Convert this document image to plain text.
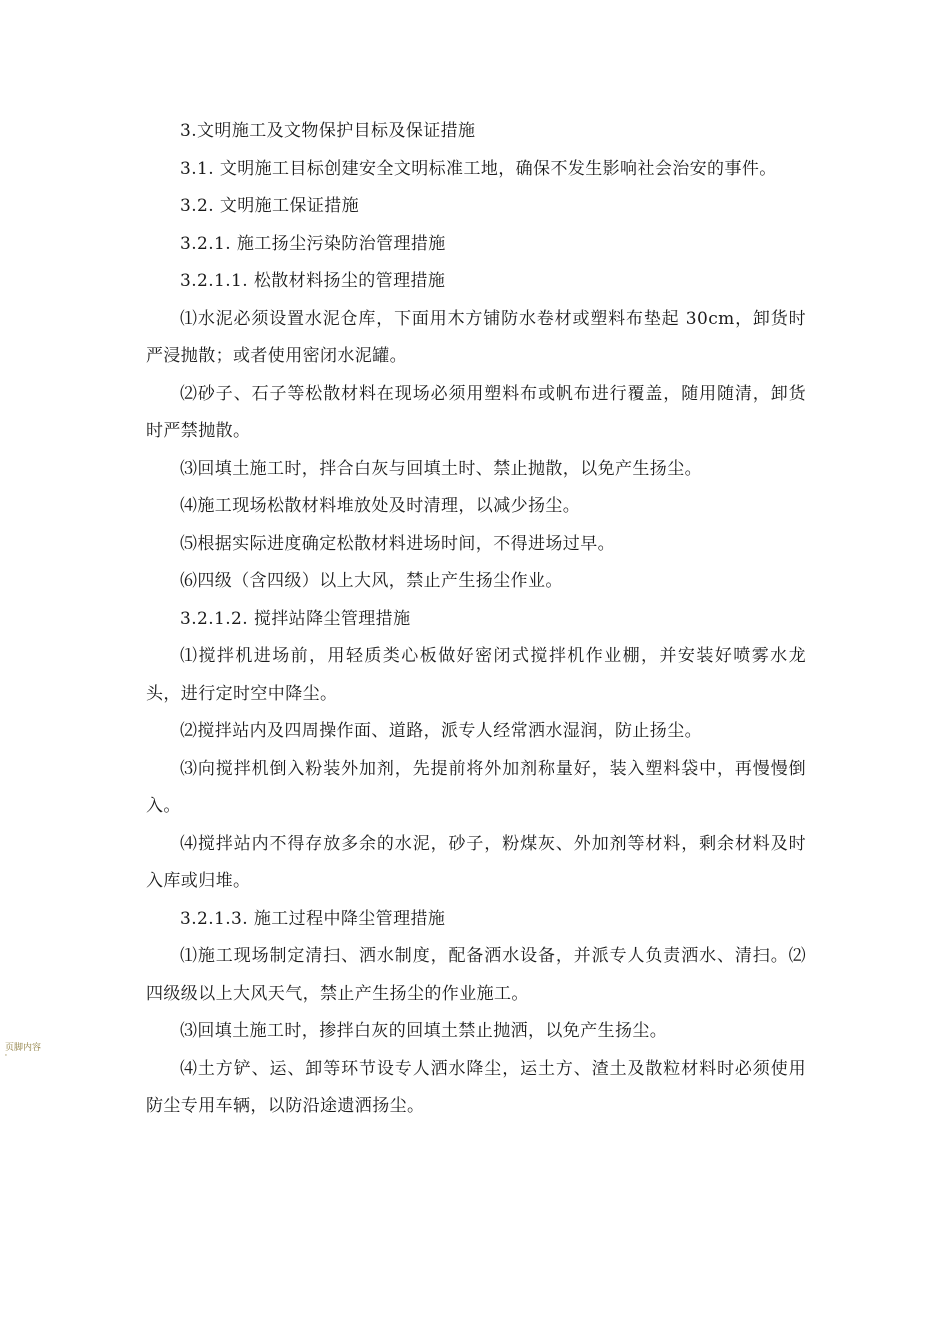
3.文明施工及文物保护目标及保证措施

3.1. 文明施工目标创建安全文明标准工地，确保不发生影响社会治安的事件。

3.2. 文明施工保证措施

3.2.1. 施工扬尘污染防治管理措施

3.2.1.1. 松散材料扬尘的管理措施

⑴水泥必须设置水泥仓库，下面用木方铺防水卷材或塑料布垫起 30cm，卸货时严浸抛散；或者使用密闭水泥罐。

⑵砂子、石子等松散材料在现场必须用塑料布或帆布进行覆盖，随用随清，卸货时严禁抛散。

⑶回填土施工时，拌合白灰与回填土时、禁止抛散，以免产生扬尘。

⑷施工现场松散材料堆放处及时清理，以减少扬尘。

⑸根据实际进度确定松散材料进场时间，不得进场过早。

⑹四级（含四级）以上大风，禁止产生扬尘作业。

3.2.1.2. 搅拌站降尘管理措施

⑴搅拌机进场前，用轻质类心板做好密闭式搅拌机作业棚，并安装好喷雾水龙头，进行定时空中降尘。

⑵搅拌站内及四周操作面、道路，派专人经常洒水湿润，防止扬尘。

⑶向搅拌机倒入粉装外加剂，先提前将外加剂称量好，装入塑料袋中，再慢慢倒入。

⑷搅拌站内不得存放多余的水泥，砂子，粉煤灰、外加剂等材料，剩余材料及时入库或归堆。

3.2.1.3. 施工过程中降尘管理措施

⑴施工现场制定清扫、洒水制度，配备洒水设备，并派专人负责洒水、清扫。⑵四级级以上大风天气，禁止产生扬尘的作业施工。

⑶回填土施工时，掺拌白灰的回填土禁止抛洒，以免产生扬尘。

⑷土方铲、运、卸等环节设专人洒水降尘，运土方、渣土及散粒材料时必须使用防尘专用车辆，以防沿途遗洒扬尘。

页脚内容
'
